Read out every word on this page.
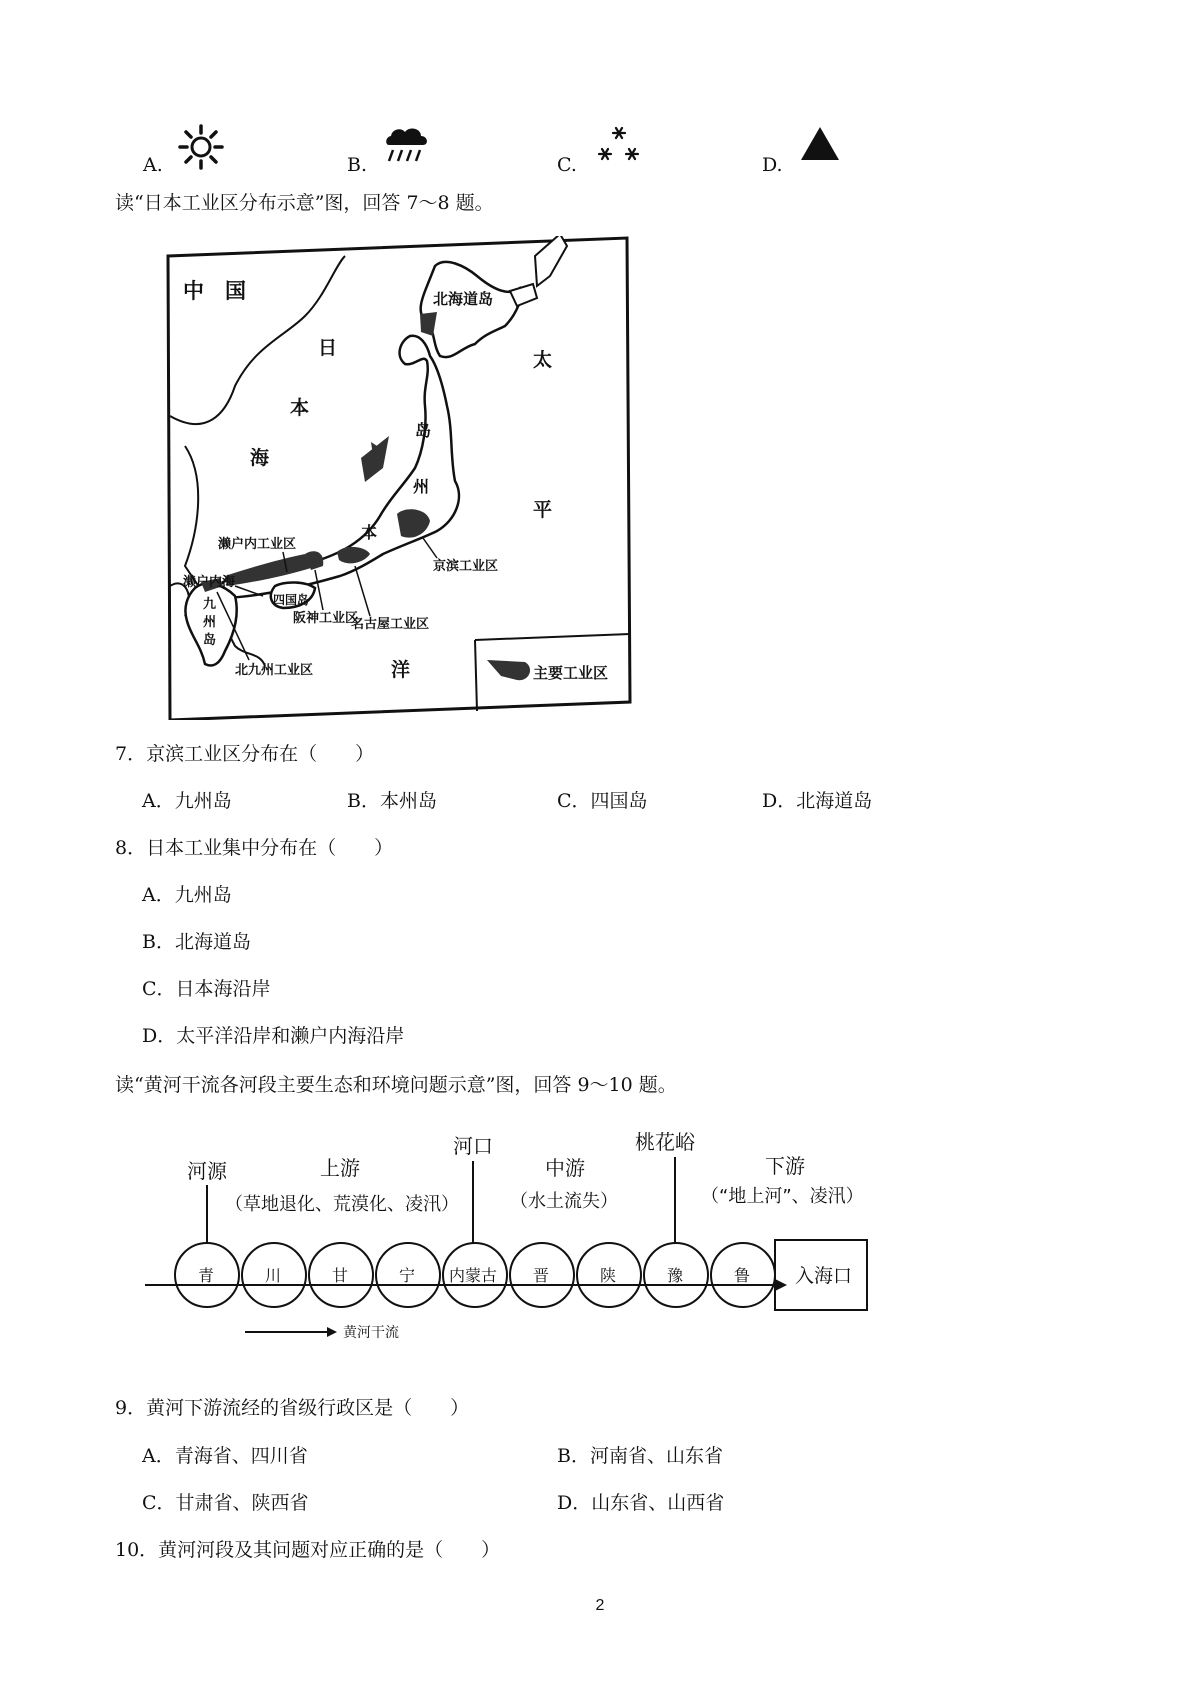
A.	B.	C.	D.
读“日本工业区分布示意”图，回答 7～8 题。
主要工业区
北海道岛
中　国
日
本
海
太
平
洋
岛
州
本
濑户内工业区
濑户内海
四国岛
九
州
岛
京滨工业区
名古屋工业区
阪神工业区
北九州工业区
7．京滨工业区分布在（　　）
A．九州岛	B．本州岛	C．四国岛	D．北海道岛
8．日本工业集中分布在（　　）
A．九州岛
B．北海道岛
C．日本海沿岸
D．太平洋沿岸和濑户内海沿岸
读“黄河干流各河段主要生态和环境问题示意”图，回答 9～10 题。
河源	上游
（草地退化、荒漠化、凌汛）
河口
中游
（水土流失）
桃花峪
下游
（“地上河”、凌汛）
入海口
青	川	甘	宁 内蒙古 晋	陕	豫	鲁
黄河干流
9．黄河下游流经的省级行政区是（　　）
A．青海省、四川省	B．河南省、山东省
C．甘肃省、陕西省	D．山东省、山西省
10．黄河河段及其问题对应正确的是（　　）
2
